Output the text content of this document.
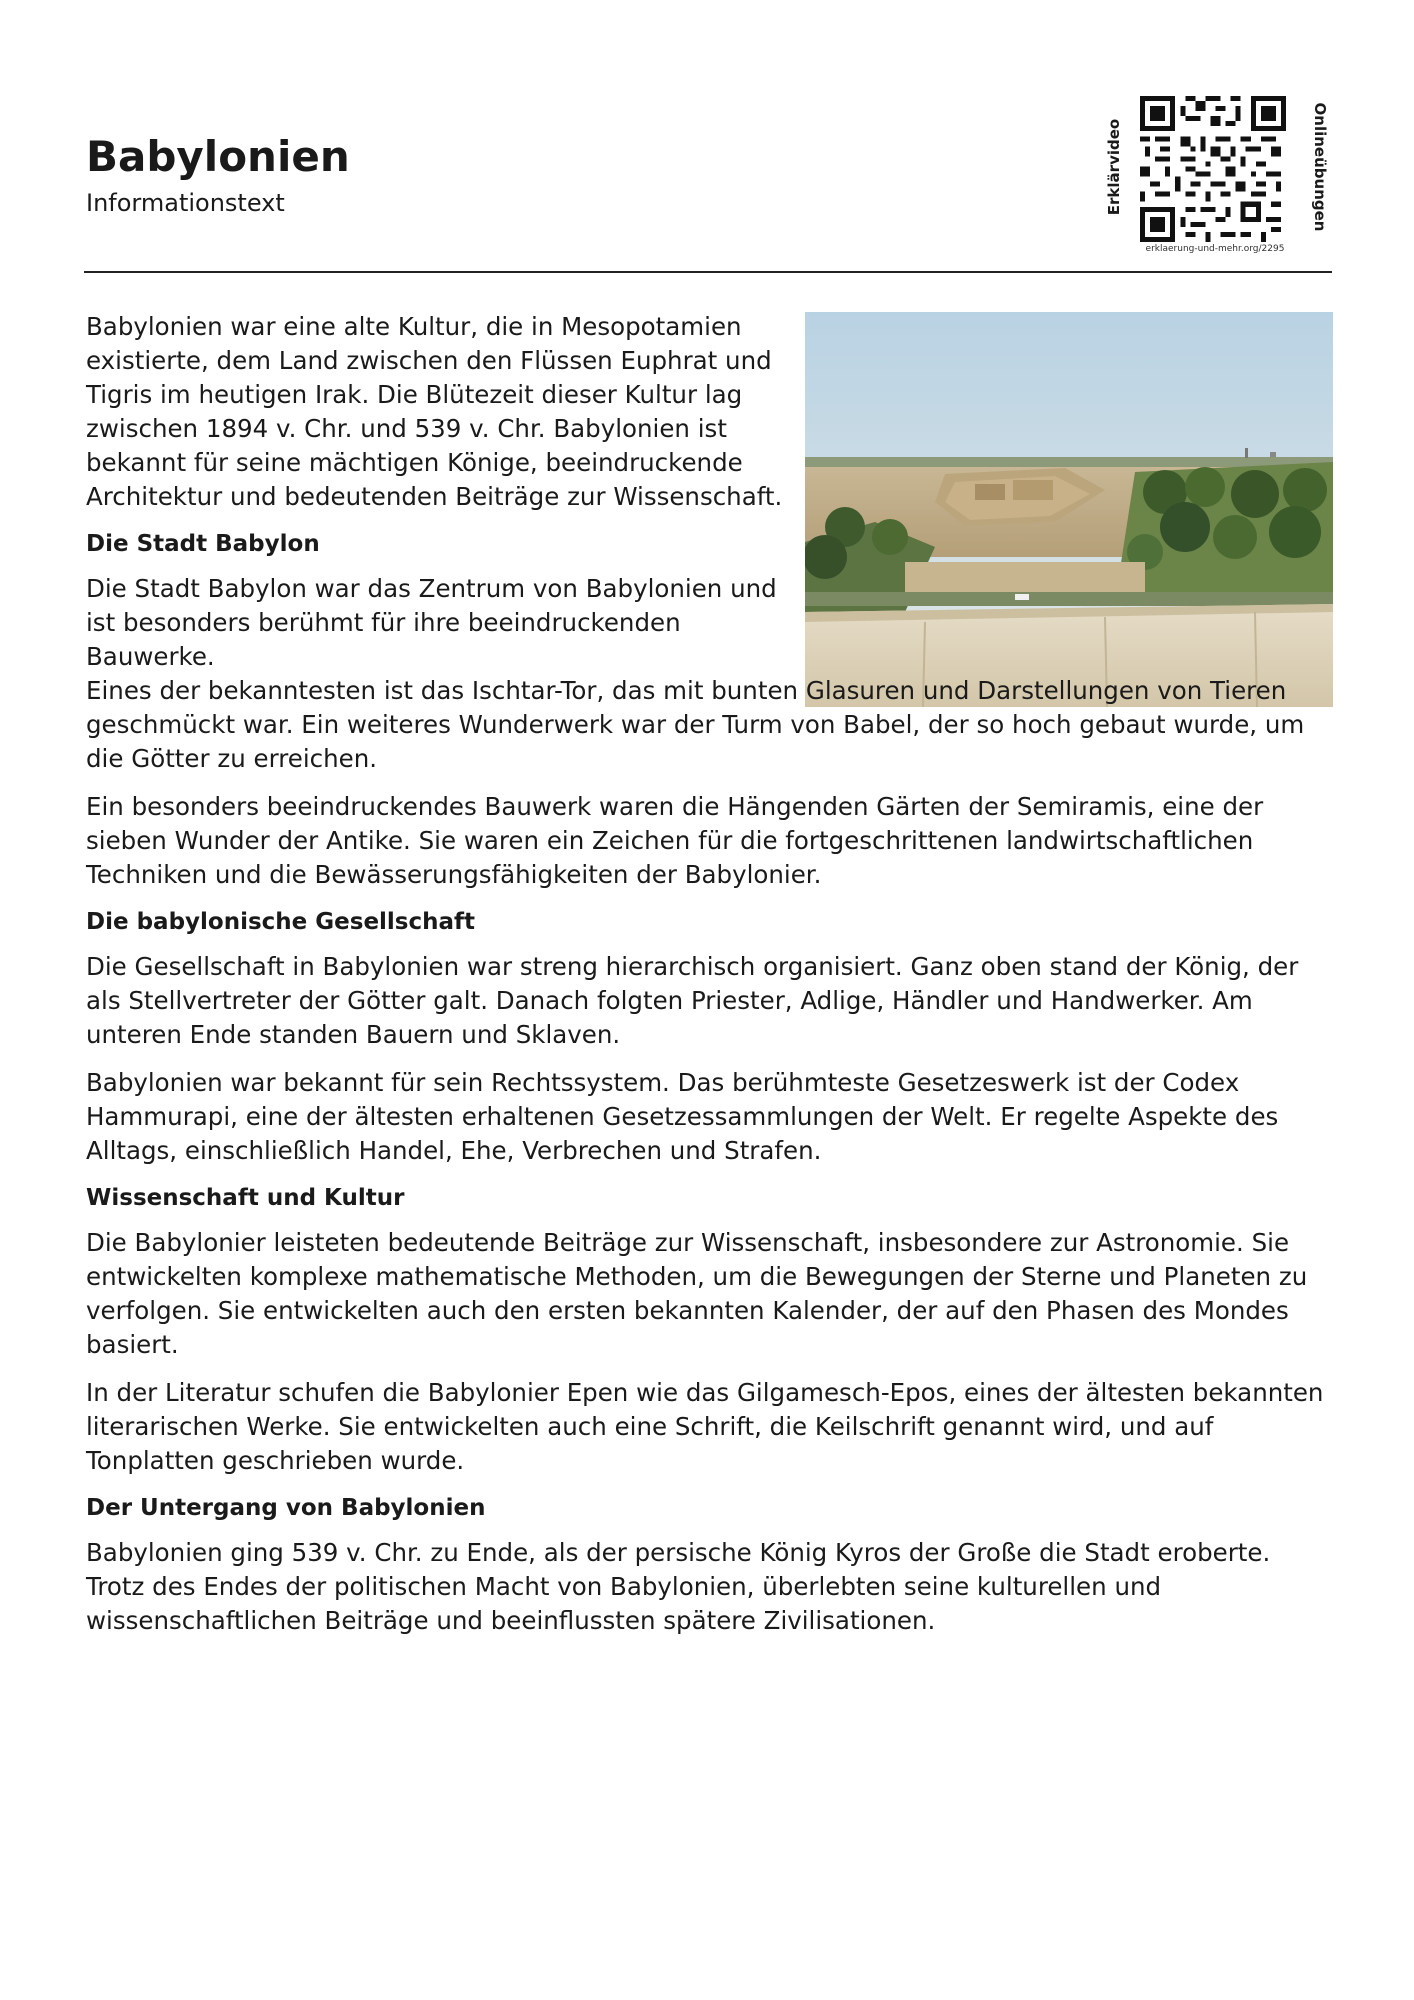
Babylonien
Informationstext	Erklärvideo	Onlineübungen
erklaerung-und-mehr.org/2295

Babylonien war eine alte Kultur, die in Mesopotamien existierte, dem Land zwischen den Flüssen Euphrat und Tigris im heutigen Irak. Die Blütezeit dieser Kultur lag zwischen 1894 v. Chr. und 539 v. Chr. Babylonien ist bekannt für seine mächtigen Könige, beeindruckende Architektur und bedeutenden Beiträge zur Wissenschaft.

Die Stadt Babylon

Die Stadt Babylon war das Zentrum von Babylonien und ist besonders berühmt für ihre beeindruckenden Bauwerke.

Eines der bekanntesten ist das Ischtar-Tor, das mit bunten Glasuren und Darstellungen von Tieren geschmückt war. Ein weiteres Wunderwerk war der Turm von Babel, der so hoch gebaut wurde, um die Götter zu erreichen.

Ein besonders beeindruckendes Bauwerk waren die Hängenden Gärten der Semiramis, eine der sieben Wunder der Antike. Sie waren ein Zeichen für die fortgeschrittenen landwirtschaftlichen Techniken und die Bewässerungsfähigkeiten der Babylonier.

Die babylonische Gesellschaft

Die Gesellschaft in Babylonien war streng hierarchisch organisiert. Ganz oben stand der König, der als Stellvertreter der Götter galt. Danach folgten Priester, Adlige, Händler und Handwerker. Am unteren Ende standen Bauern und Sklaven.

Babylonien war bekannt für sein Rechtssystem. Das berühmteste Gesetzeswerk ist der Codex Hammurapi, eine der ältesten erhaltenen Gesetzessammlungen der Welt. Er regelte Aspekte des Alltags, einschließlich Handel, Ehe, Verbrechen und Strafen.

Wissenschaft und Kultur

Die Babylonier leisteten bedeutende Beiträge zur Wissenschaft, insbesondere zur Astronomie. Sie entwickelten komplexe mathematische Methoden, um die Bewegungen der Sterne und Planeten zu verfolgen. Sie entwickelten auch den ersten bekannten Kalender, der auf den Phasen des Mondes basiert.

In der Literatur schufen die Babylonier Epen wie das Gilgamesch-Epos, eines der ältesten bekannten literarischen Werke. Sie entwickelten auch eine Schrift, die Keilschrift genannt wird, und auf Tonplatten geschrieben wurde.

Der Untergang von Babylonien

Babylonien ging 539 v. Chr. zu Ende, als der persische König Kyros der Große die Stadt eroberte. Trotz des Endes der politischen Macht von Babylonien, überlebten seine kulturellen und wissenschaftlichen Beiträge und beeinflussten spätere Zivilisationen.
